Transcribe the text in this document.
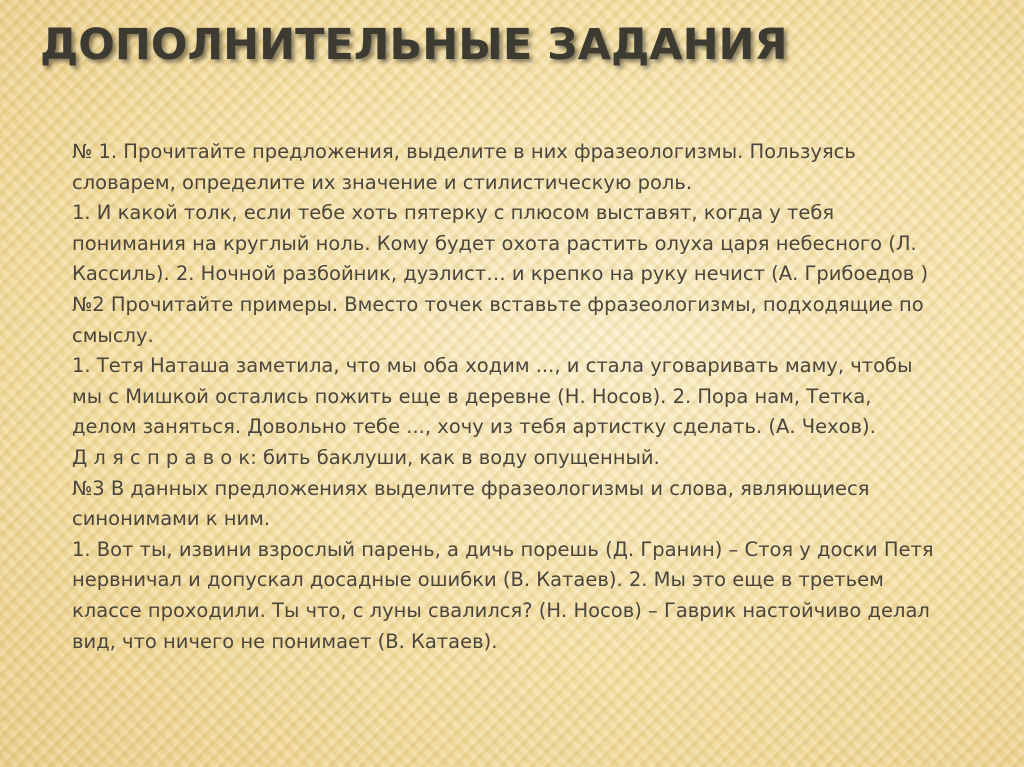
ДОПОЛНИТЕЛЬНЫЕ ЗАДАНИЯ
№ 1. Прочитайте предложения, выделите в них фразеологизмы. Пользуясь
словарем, определите их значение и стилистическую роль.
1. И какой толк, если тебе хоть пятерку с плюсом выставят, когда у тебя
понимания на круглый ноль. Кому будет охота растить олуха царя небесного (Л.
Кассиль). 2. Ночной разбойник, дуэлист… и крепко на руку нечист (А. Грибоедов )
№2 Прочитайте примеры. Вместо точек вставьте фразеологизмы, подходящие по
смыслу.
1. Тетя Наташа заметила, что мы оба ходим ..., и стала уговаривать маму, чтобы
мы с Мишкой остались пожить еще в деревне (Н. Носов). 2. Пора нам, Тетка,
делом заняться. Довольно тебе ..., хочу из тебя артистку сделать. (А. Чехов).
Д л я с п р а в о к: бить баклуши, как в воду опущенный.
№3 В данных предложениях выделите фразеологизмы и слова, являющиеся
синонимами к ним.
1. Вот ты, извини взрослый парень, а дичь порешь (Д. Гранин) – Стоя у доски Петя
нервничал и допускал досадные ошибки (В. Катаев). 2. Мы это еще в третьем
классе проходили. Ты что, с луны свалился? (Н. Носов) – Гаврик настойчиво делал
вид, что ничего не понимает (В. Катаев).
